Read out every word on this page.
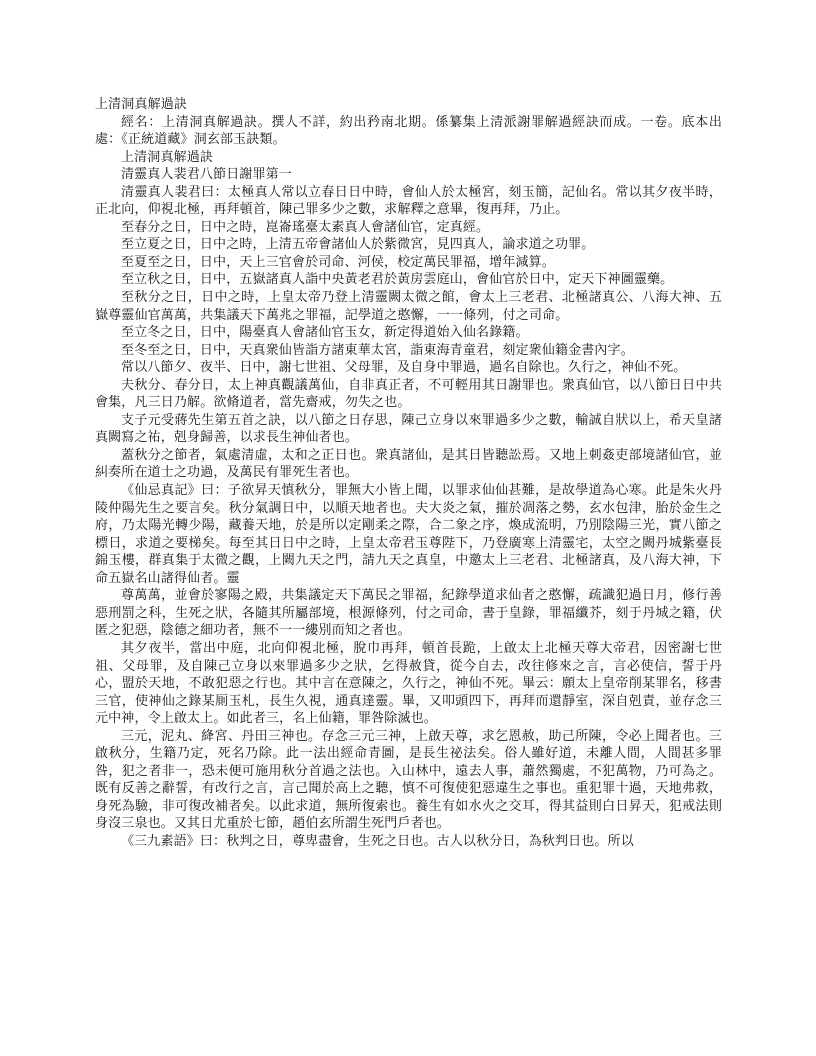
上清洞真解過訣

經名：上清洞真解過訣。撰人不詳，約出矜南北期。係纂集上清派謝罪解過經訣而成。一卷。底本出處：《正統道藏》洞玄部玉訣類。

上清洞真解過訣

清靈真人裴君八節日謝罪第一

清靈真人裴君曰：太極真人常以立春日日中時，會仙人於太極宮，刻玉簡，記仙名。常以其夕夜半時，正北向，仰視北極，再拜頓首，陳己罪多少之數，求解釋之意畢，復再拜，乃止。

至春分之日，日中之時，崑崙瑤臺太素真人會諸仙官，定真經。

至立夏之日，日中之時，上清五帝會諸仙人於紫微宮，見四真人，論求道之功罪。

至夏至之日，日中，天上三官會於司命、河侯，校定萬民罪福，增年減算。

至立秋之日，日中，五嶽諸真人詣中央黃老君於黃房雲庭山，會仙官於日中，定天下神圖靈藥。

至秋分之日，日中之時，上皇太帝乃登上清靈闕太微之館，會太上三老君、北極諸真公、八海大神、五嶽尊靈仙官萬萬，共集議天下萬兆之罪福，記學道之憨懈，一一條列，付之司命。

至立冬之日，日中，陽臺真人會諸仙官玉女，新定得道始入仙名錄籍。

至冬至之日，日中，天真衆仙皆詣方諸東華太宮，詣東海青童君，刻定衆仙籍金書內字。

常以八節夕、夜半、日中，謝七世祖、父母罪，及自身中罪過，過名自除也。久行之，神仙不死。

夫秋分、春分日，太上神真觀議萬仙，自非真正者，不可輕用其日謝罪也。衆真仙官，以八節日日中共會集，凡三日乃解。欲脩道者，當先齋戒，勿失之也。

支子元受蔣先生第五首之訣，以八節之日存思，陳己立身以來罪過多少之數，輸誠自狀以上，希天皇諸真闕寫之祐，剋身歸善，以求長生神仙者也。

蓋秋分之節者，氣處清虛，太和之正日也。衆真諸仙，是其日皆聽訟焉。又地上刺姦吏部境諸仙官，並糾奏所在道士之功過，及萬民有罪死生者也。

《仙忌真記》曰：子欲昇天慎秋分，罪無大小皆上聞，以罪求仙仙甚難，是故學道為心寒。此是朱火丹陵仲陽先生之要言矣。秋分氣調日中，以順天地者也。夫大炎之氣，摧於凋落之勢，玄水包津，胎於金生之府，乃太陽光轉少陽，藏養天地，於是所以定剛柔之際，合二象之序，煥成流明，乃別陰陽三光，實八節之標日，求道之要梯矣。每至其日日中之時，上皇太帝君玉尊陛下，乃登廣寒上清靈宅，太空之闕丹城紫臺長錦玉樓，群真集于太微之觀，上闕九天之門，請九天之真皇，中邀太上三老君、北極諸真，及八海大神，下命五嶽名山諸得仙者。靈

尊萬萬，並會於寥陽之殿，共集議定天下萬民之罪福，紀錄學道求仙者之憨懈，疏識犯過日月，修行善惡刑罰之科，生死之狀，各隨其所屬部境，根源條列，付之司命，書于皇錄，罪福纖芥，刻于丹城之籍，伏匿之犯惡，陰德之細功者，無不一一縷別而知之者也。

其夕夜半，當出中庭，北向仰視北極，脫巾再拜，頓首長跪，上啟太上北極天尊大帝君，因密謝七世祖、父母罪，及自陳己立身以來罪過多少之狀，乞得赦貸，從今自去，改往修來之言，言必使信，誓于丹心，盟於天地，不敢犯惡之行也。其中言在意陳之，久行之，神仙不死。畢云：願太上皇帝削某罪名，移書三官，使神仙之錄某厠玉札，長生久視，通真達靈。畢，又叩頭四下，再拜而還靜室，深自剋責，並存念三元中神，令上啟太上。如此者三，名上仙籍，罪咎除滅也。

三元，泥丸、絳宮、丹田三神也。存念三元三神，上啟天尊，求乞恩赦，助己所陳，令必上聞者也。三啟秋分，生籍乃定，死名乃除。此一法出經命青圖，是長生祕法矣。俗人雖好道，未離人間，人間甚多罪咎，犯之者非一，恐未便可施用秋分首過之法也。入山林中，遠去人事，蕭然獨處，不犯萬物，乃可為之。既有反善之辭誓，有改行之言，言己聞於高上之聽，慎不可復使犯惡違生之事也。重犯罪十過，天地弗救，身死為驗，非可復改補者矣。以此求道，無所復索也。養生有如水火之交耳，得其益則白日昇天，犯戒法則身沒三泉也。又其日尤重於七節，趙伯玄所謂生死門戶者也。

《三九素語》曰：秋判之日，尊卑盡會，生死之日也。古人以秋分日，為秋判日也。所以
